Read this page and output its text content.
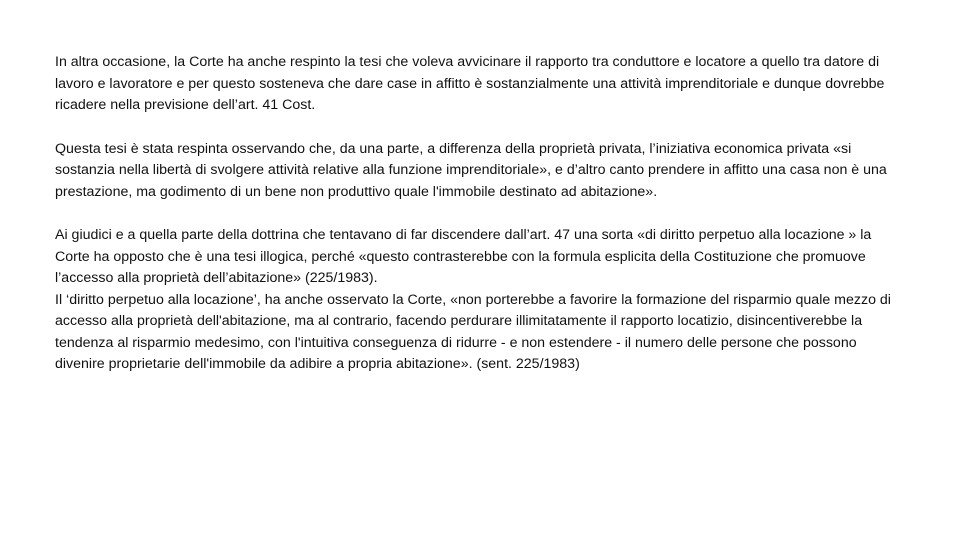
In altra occasione, la Corte ha anche respinto la tesi che voleva avvicinare il rapporto tra conduttore e locatore a quello tra datore di lavoro e lavoratore e per questo sosteneva che dare case in affitto è sostanzialmente una attività imprenditoriale e dunque dovrebbe ricadere nella previsione dell’art. 41 Cost.

Questa tesi è stata respinta osservando che, da una parte, a differenza della proprietà privata, l’iniziativa economica privata «si sostanzia nella libertà di svolgere attività relative alla funzione imprenditoriale», e d’altro canto prendere in affitto una casa non è una prestazione, ma godimento di un bene non produttivo quale l'immobile destinato ad abitazione».

Ai giudici e a quella parte della dottrina che tentavano di far discendere dall’art. 47 una sorta «di diritto perpetuo alla locazione » la Corte ha opposto che è una tesi illogica, perché «questo contrasterebbe con la formula esplicita della Costituzione che promuove l’accesso alla proprietà dell’abitazione» (225/1983).
Il ‘diritto perpetuo alla locazione’, ha anche osservato la Corte, «non porterebbe a favorire la formazione del risparmio quale mezzo di accesso alla proprietà dell'abitazione, ma al contrario, facendo perdurare illimitatamente il rapporto locatizio, disincentiverebbe la tendenza al risparmio medesimo, con l'intuitiva conseguenza di ridurre - e non estendere - il numero delle persone che possono divenire proprietarie dell'immobile da adibire a propria abitazione». (sent. 225/1983)
